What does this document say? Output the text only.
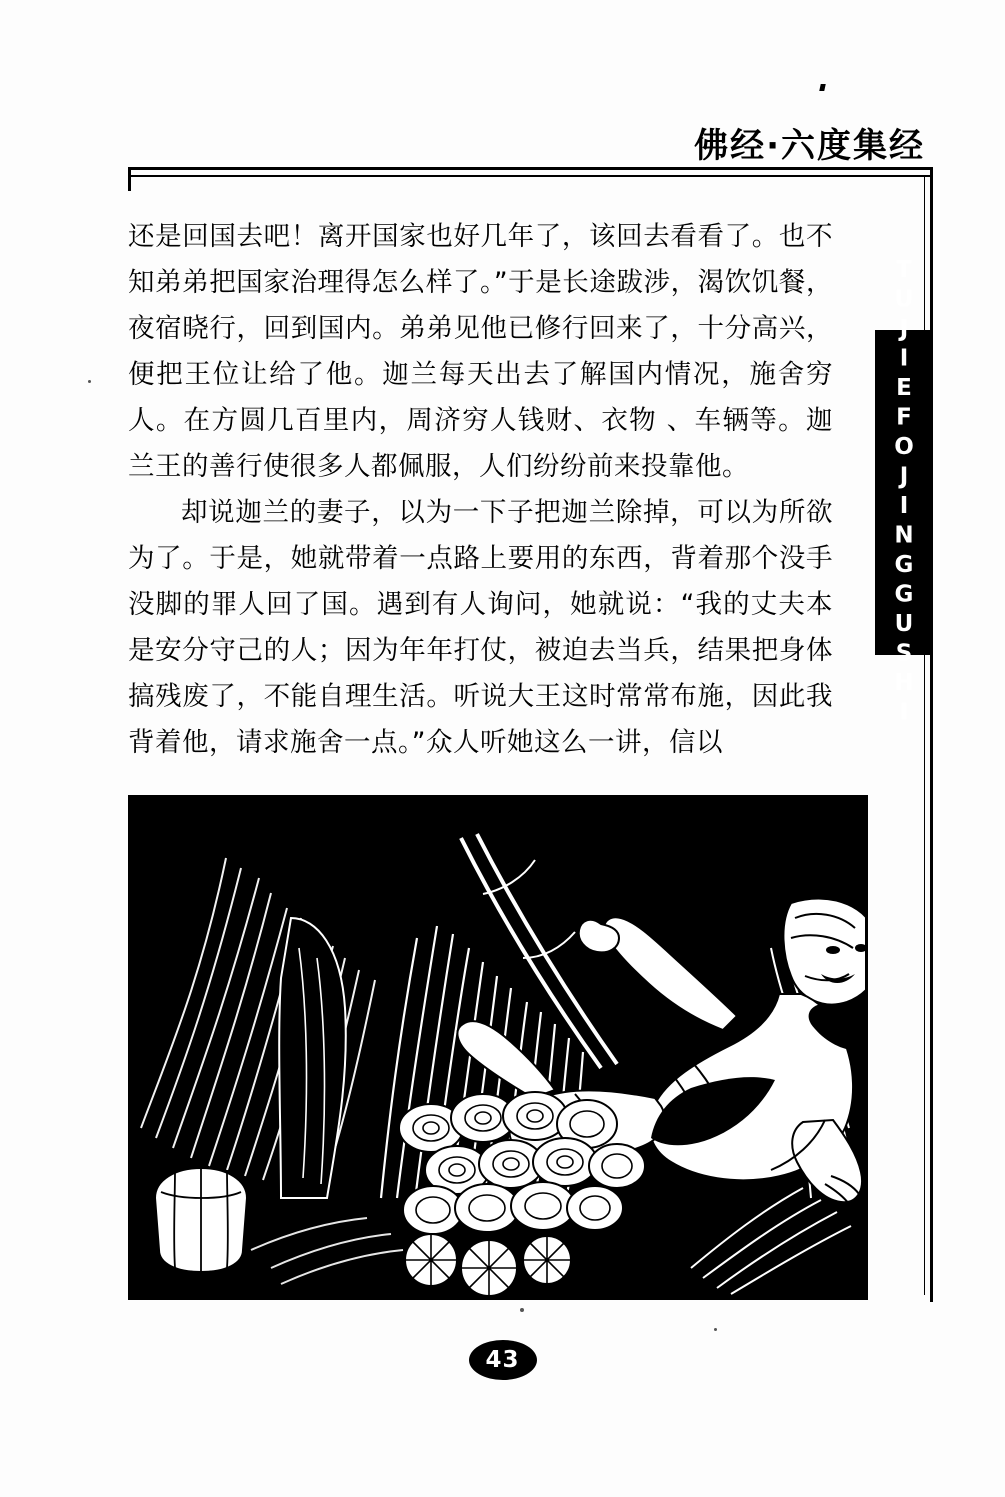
佛经·六度集经
TUJIEFOJINGGUSHI

还是回国去吧！离开国家也好几年了，该回去看看了。也不知弟弟把国家治理得怎么样了。”于是长途跋涉，渴饮饥餐，夜宿晓行，回到国内。弟弟见他已修行回来了，十分高兴，便把王位让给了他。迦兰每天出去了解国内情况，施舍穷人。在方圆几百里内，周济穷人钱财、衣物 、车辆等。迦兰王的善行使很多人都佩服，人们纷纷前来投靠他。

却说迦兰的妻子，以为一下子把迦兰除掉，可以为所欲为了。于是，她就带着一点路上要用的东西，背着那个没手没脚的罪人回了国。遇到有人询问，她就说：“我的丈夫本是安分守己的人；因为年年打仗，被迫去当兵，结果把身体搞残废了，不能自理生活。听说大王这时常常布施，因此我背着他，请求施舍一点。”众人听她这么一讲，信以

43
